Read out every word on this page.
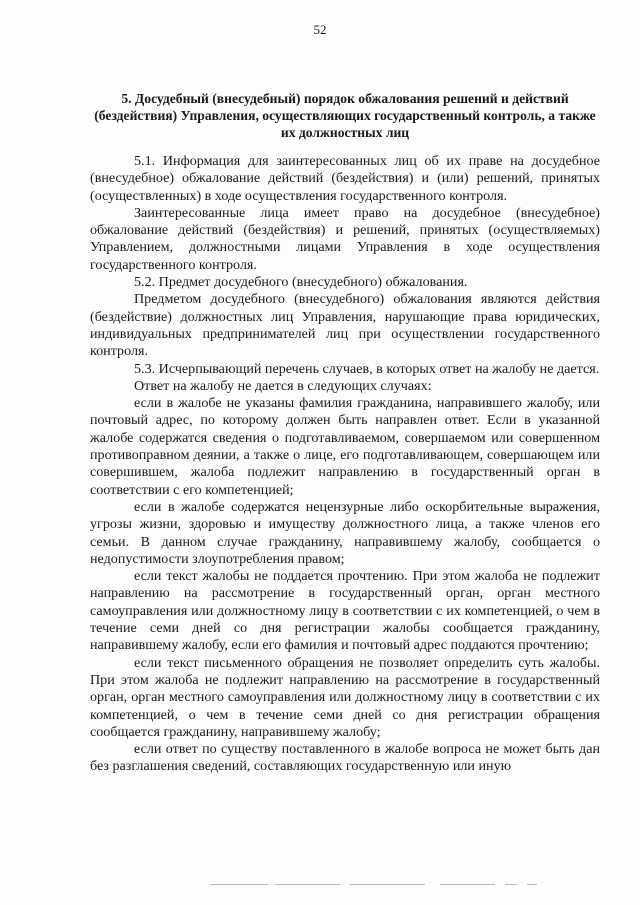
52
5. Досудебный (внесудебный) порядок обжалования решений и действий (бездействия) Управления, осуществляющих государственный контроль, а также их должностных лиц

5.1. Информация для заинтересованных лиц об их праве на досудебное (внесудебное) обжалование действий (бездействия) и (или) решений, принятых (осуществленных) в ходе осуществления государственного контроля.

Заинтересованные лица имеет право на досудебное (внесудебное) обжалование действий (бездействия) и решений, принятых (осуществляемых) Управлением, должностными лицами Управления в ходе осуществления государственного контроля.

5.2. Предмет досудебного (внесудебного) обжалования.

Предметом досудебного (внесудебного) обжалования являются действия (бездействие) должностных лиц Управления, нарушающие права юридических, индивидуальных предпринимателей лиц при осуществлении государственного контроля.

5.3. Исчерпывающий перечень случаев, в которых ответ на жалобу не дается.

Ответ на жалобу не дается в следующих случаях:

если в жалобе не указаны фамилия гражданина, направившего жалобу, или почтовый адрес, по которому должен быть направлен ответ. Если в указанной жалобе содержатся сведения о подготавливаемом, совершаемом или совершенном противоправном деянии, а также о лице, его подготавливающем, совершающем или совершившем, жалоба подлежит направлению в государственный орган в соответствии с его компетенцией;

если в жалобе содержатся нецензурные либо оскорбительные выражения, угрозы жизни, здоровью и имуществу должностного лица, а также членов его семьи. В данном случае гражданину, направившему жалобу, сообщается о недопустимости злоупотребления правом;

если текст жалобы не поддается прочтению. При этом жалоба не подлежит направлению на рассмотрение в государственный орган, орган местного самоуправления или должностному лицу в соответствии с их компетенцией, о чем в течение семи дней со дня регистрации жалобы сообщается гражданину, направившему жалобу, если его фамилия и почтовый адрес поддаются прочтению;

если текст письменного обращения не позволяет определить суть жалобы. При этом жалоба не подлежит направлению на рассмотрение в государственный орган, орган местного самоуправления или должностному лицу в соответствии с их компетенцией, о чем в течение семи дней со дня регистрации обращения сообщается гражданину, направившему жалобу;

если ответ по существу поставленного в жалобе вопроса не может быть дан без разглашения сведений, составляющих государственную или иную
